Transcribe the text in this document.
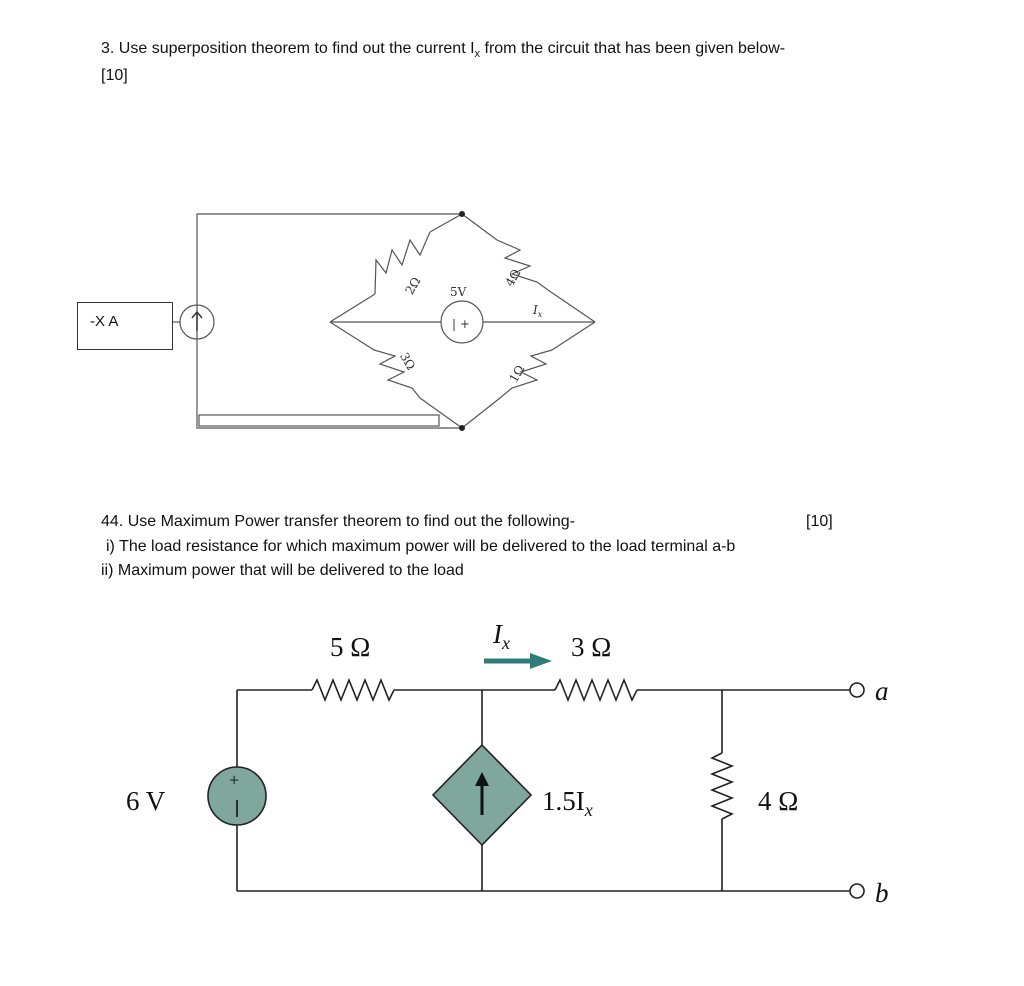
3. Use superposition theorem to find out the current $I_x$ from the circuit that has been given below-
[10]
-X A
2Ω	4Ω
3Ω
1Ω
5V
| +
$I_x$
44. Use Maximum Power transfer theorem to find out the following-	[10]
i) The load resistance for which maximum power will be delivered to the load terminal a-b
ii) Maximum power that will be delivered to the load
+
5 Ω	3 Ω
4 Ω
6 V	$1.5I_x$
$I_x$
a
b
